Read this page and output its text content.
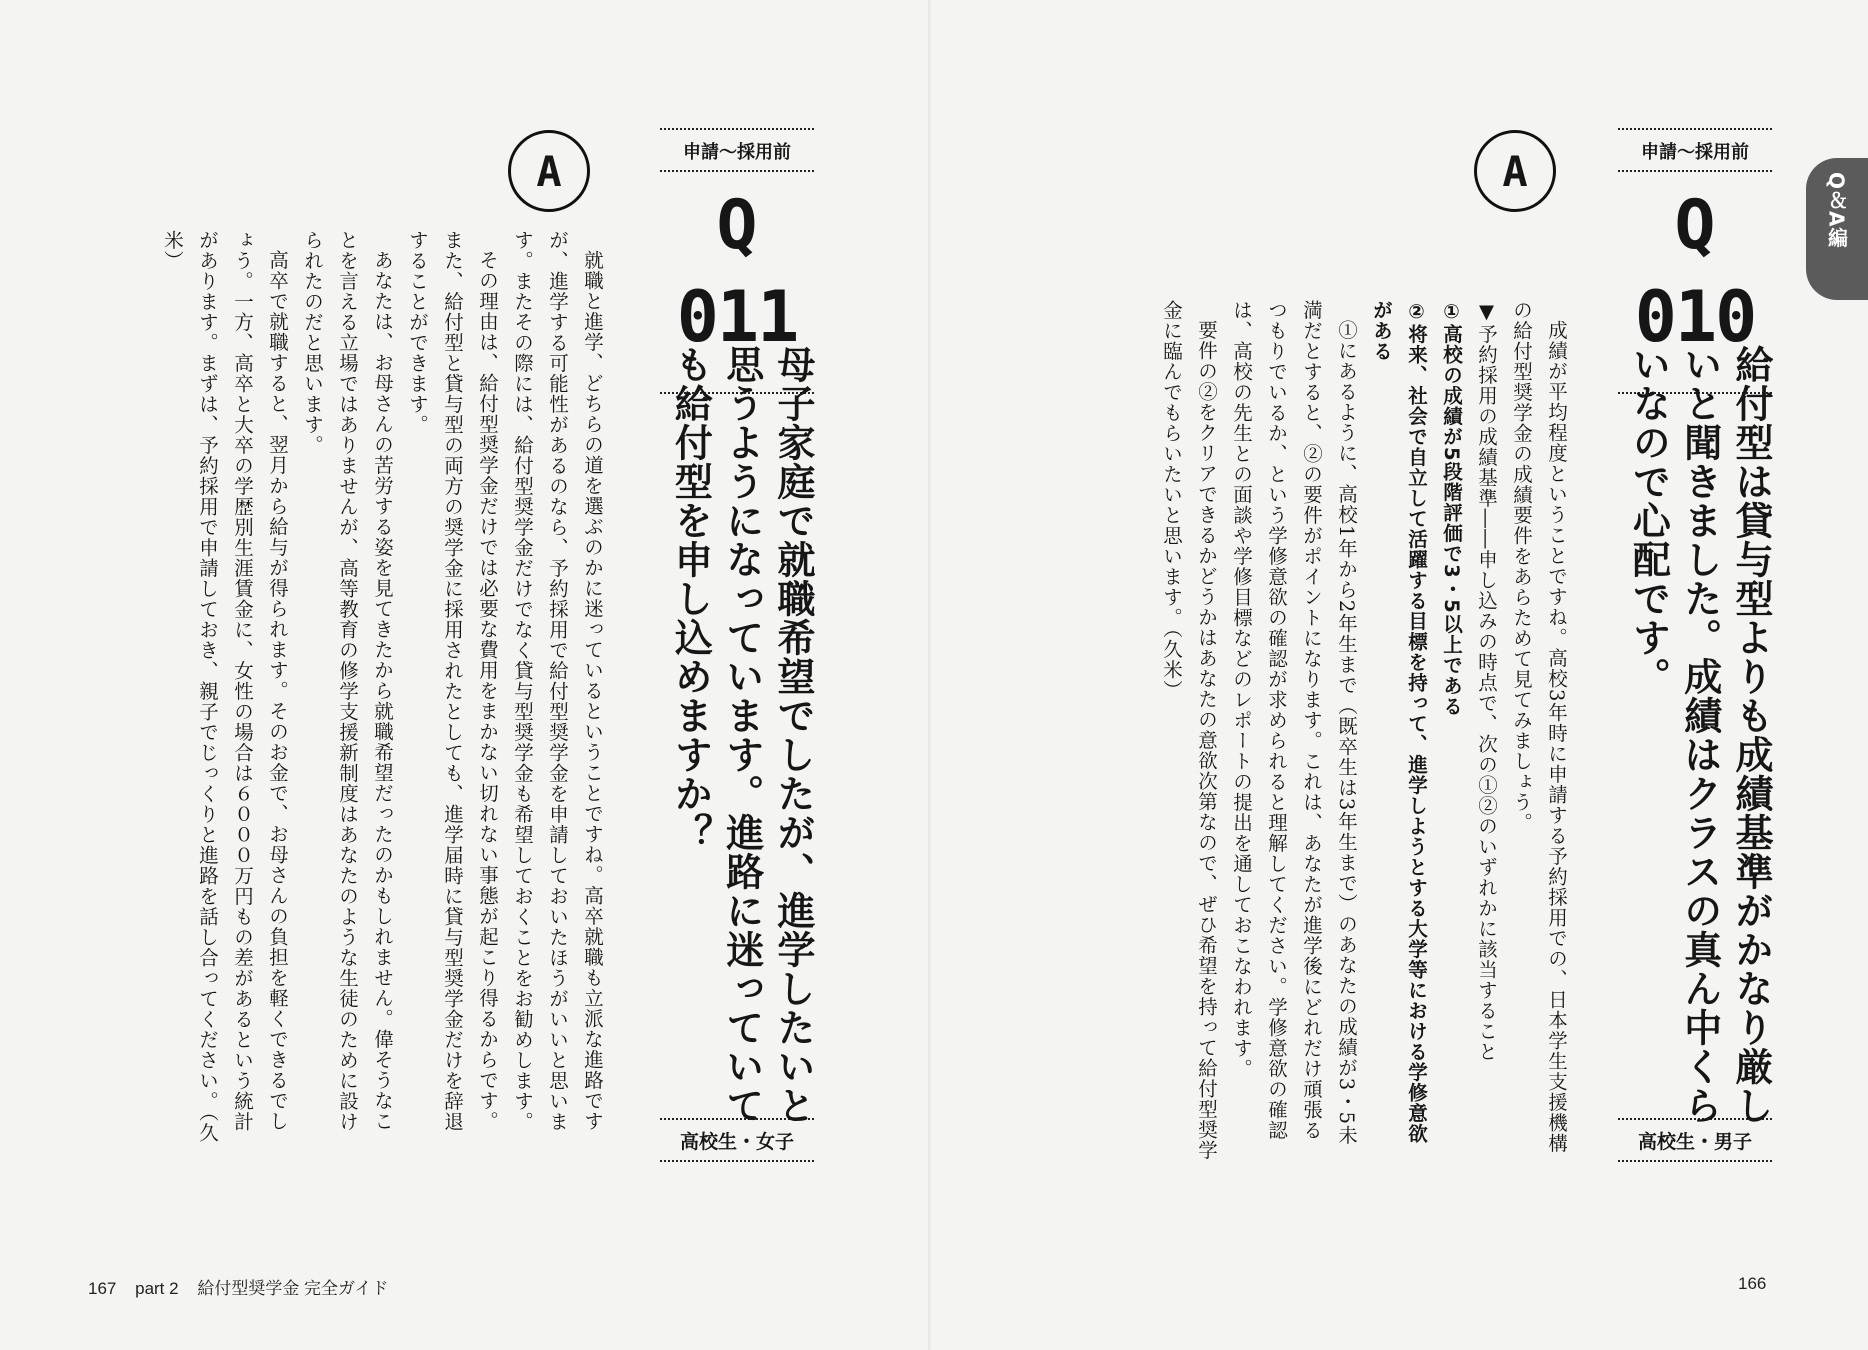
申請〜採用前
Q
011
高校生・女子
母子家庭で就職希望でしたが、進学したいと思うようになっています。進路に迷っていても給付型を申し込めますか？
A

就職と進学、どちらの道を選ぶのかに迷っているということですね。高卒就職も立派な進路ですが、進学する可能性があるのなら、予約採用で給付型奨学金を申請しておいたほうがいいと思います。またその際には、給付型奨学金だけでなく貸与型奨学金も希望しておくことをお勧めします。

その理由は、給付型奨学金だけでは必要な費用をまかない切れない事態が起こり得るからです。また、給付型と貸与型の両方の奨学金に採用されたとしても、進学届時に貸与型奨学金だけを辞退することができます。

あなたは、お母さんの苦労する姿を見てきたから就職希望だったのかもしれません。偉そうなことを言える立場ではありませんが、高等教育の修学支援新制度はあなたのような生徒のために設けられたのだと思います。

高卒で就職すると、翌月から給与が得られます。そのお金で、お母さんの負担を軽くできるでしょう。一方、高卒と大卒の学歴別生涯賃金に、女性の場合は６０００万円もの差があるという統計があります。まずは、予約採用で申請しておき、親子でじっくりと進路を話し合ってください。（久米）

167 part 2 給付型奨学金 完全ガイド
Q＆A編
申請〜採用前
Q
010
高校生・男子
給付型は貸与型よりも成績基準がかなり厳しいと聞きました。成績はクラスの真ん中くらいなので心配です。
A

成績が平均程度ということですね。高校3年時に申請する予約採用での、日本学生支援機構の給付型奨学金の成績要件をあらためて見てみましょう。

▼予約採用の成績基準――申し込みの時点で、次の①②のいずれかに該当すること

①高校の成績が5段階評価で3・5以上である

②将来、社会で自立して活躍する目標を持って、進学しようとする大学等における学修意欲がある

①にあるように、高校1年から2年生まで（既卒生は3年生まで）のあなたの成績が3・5未満だとすると、②の要件がポイントになります。これは、あなたが進学後にどれだけ頑張るつもりでいるか、という学修意欲の確認が求められると理解してください。学修意欲の確認は、高校の先生との面談や学修目標などのレポートの提出を通しておこなわれます。

要件の②をクリアできるかどうかはあなたの意欲次第なので、ぜひ希望を持って給付型奨学金に臨んでもらいたいと思います。（久米）

166
